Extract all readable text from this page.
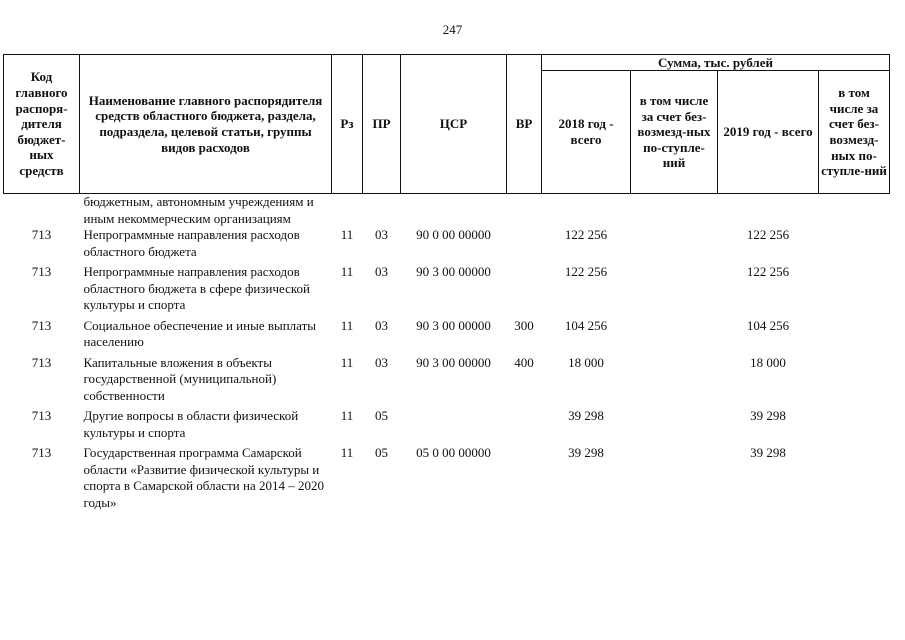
247
Код главного распоря-дителя бюджет-ных средств	Наименование главного распорядителя средств областного бюджета, раздела, подраздела, целевой статьи, группы видов расходов	Рз	ПР	ЦСР	ВР	Сумма, тыс. рублей			
						2018 год - всего	в том числе за счет без-возмезд-ных по-ступле-ний	2019 год - всего	в том числе за счет без-возмезд-ных по-ступле-ний
	бюджетным, автономным учреждениям и иным некоммерческим организациям								
713	Непрограммные направления расходов областного бюджета	11	03	90 0 00 00000		122 256		122 256	
713	Непрограммные направления расходов областного бюджета в сфере физической культуры и спорта	11	03	90 3 00 00000		122 256		122 256	
713	Социальное обеспечение и иные выплаты населению	11	03	90 3 00 00000	300	104 256		104 256	
713	Капитальные вложения в объекты государственной (муниципальной) собственности	11	03	90 3 00 00000	400	18 000		18 000	
713	Другие вопросы в области физической культуры и спорта	11	05			39 298		39 298	
713	Государственная программа Самарской области «Развитие физической культуры и спорта в Самарской области на 2014 – 2020 годы»	11	05	05 0 00 00000		39 298		39 298	
